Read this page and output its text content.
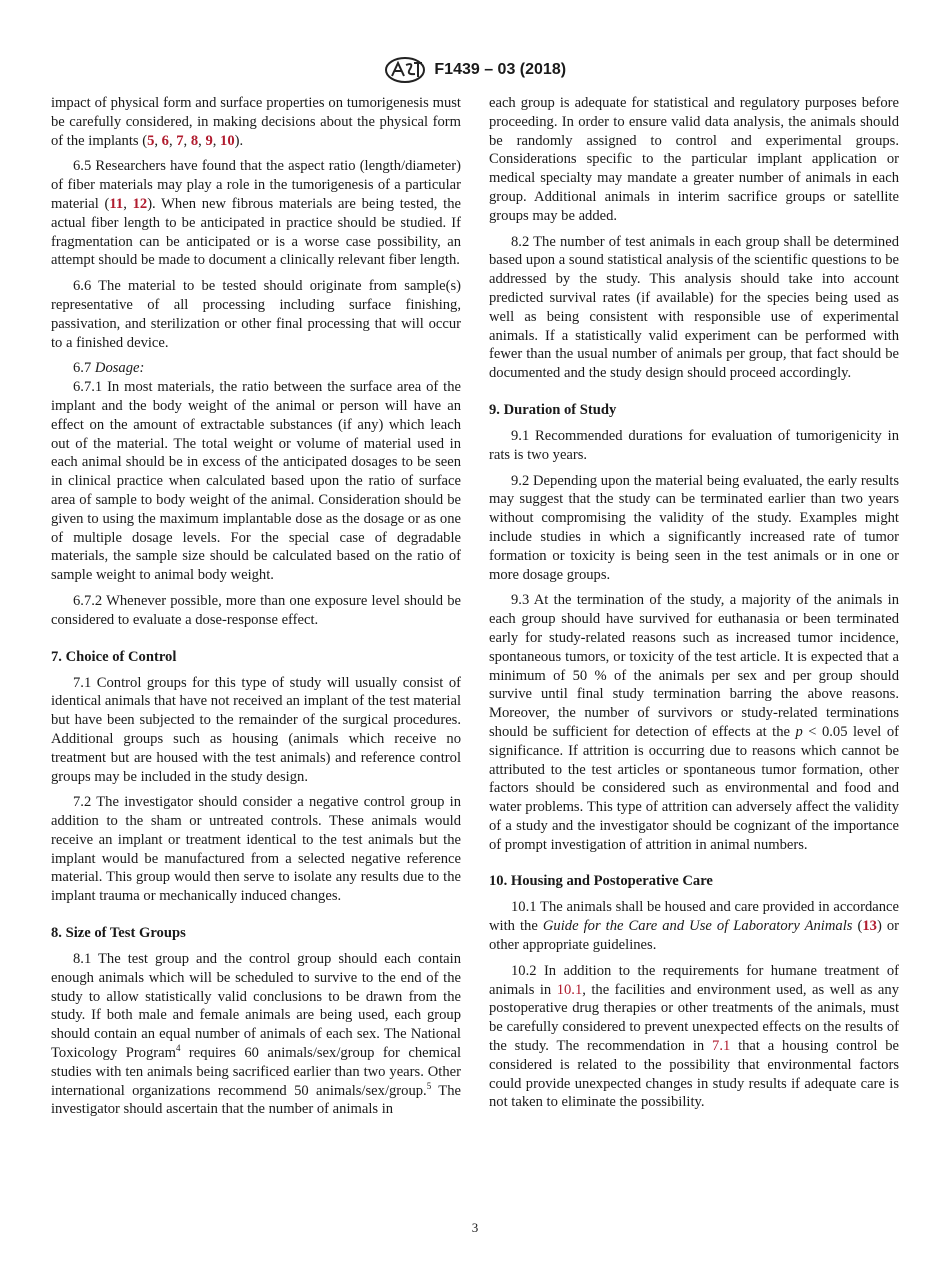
F1439 – 03 (2018)

impact of physical form and surface properties on tumorigenesis must be carefully considered, in making decisions about the physical form of the implants (5, 6, 7, 8, 9, 10).

6.5 Researchers have found that the aspect ratio (length/diameter) of fiber materials may play a role in the tumorigenesis of a particular material (11, 12). When new fibrous materials are being tested, the actual fiber length to be anticipated in practice should be studied. If fragmentation can be anticipated or is a worse case possibility, an attempt should be made to document a clinically relevant fiber length.

6.6 The material to be tested should originate from sample(s) representative of all processing including surface finishing, passivation, and sterilization or other final processing that will occur to a finished device.

6.7 Dosage:

6.7.1 In most materials, the ratio between the surface area of the implant and the body weight of the animal or person will have an effect on the amount of extractable substances (if any) which leach out of the material. The total weight or volume of material used in each animal should be in excess of the anticipated dosages to be seen in clinical practice when calculated based upon the ratio of surface area of sample to body weight of the animal. Consideration should be given to using the maximum implantable dose as the dosage or as one of multiple dosage levels. For the special case of degradable materials, the sample size should be calculated based on the ratio of sample weight to animal body weight.

6.7.2 Whenever possible, more than one exposure level should be considered to evaluate a dose-response effect.

7. Choice of Control

7.1 Control groups for this type of study will usually consist of identical animals that have not received an implant of the test material but have been subjected to the remainder of the surgical procedures. Additional groups such as housing (animals which receive no treatment but are housed with the test animals) and reference control groups may be included in the study design.

7.2 The investigator should consider a negative control group in addition to the sham or untreated controls. These animals would receive an implant or treatment identical to the test animals but the implant would be manufactured from a selected negative reference material. This group would then serve to isolate any results due to the implant trauma or mechanically induced changes.

8. Size of Test Groups

8.1 The test group and the control group should each contain enough animals which will be scheduled to survive to the end of the study to allow statistically valid conclusions to be drawn from the study. If both male and female animals are being used, each group should contain an equal number of animals of each sex. The National Toxicology Program$^4$ requires 60 animals/sex/group for chemical studies with ten animals being sacrificed earlier than two years. Other international organizations recommend 50 animals/sex/group.$^5$ The investigator should ascertain that the number of animals in

each group is adequate for statistical and regulatory purposes before proceeding. In order to ensure valid data analysis, the animals should be randomly assigned to control and experimental groups. Considerations specific to the particular implant application or medical specialty may mandate a greater number of animals in each group. Additional animals in interim sacrifice groups or satellite groups may be added.

8.2 The number of test animals in each group shall be determined based upon a sound statistical analysis of the scientific questions to be addressed by the study. This analysis should take into account predicted survival rates (if available) for the species being used as well as being consistent with responsible use of experimental animals. If a statistically valid experiment can be performed with fewer than the usual number of animals per group, that fact should be documented and the study design should proceed accordingly.

9. Duration of Study

9.1 Recommended durations for evaluation of tumorigenicity in rats is two years.

9.2 Depending upon the material being evaluated, the early results may suggest that the study can be terminated earlier than two years without compromising the validity of the study. Examples might include studies in which a significantly increased rate of tumor formation or toxicity is being seen in the test animals or in one or more dosage groups.

9.3 At the termination of the study, a majority of the animals in each group should have survived for euthanasia or been terminated early for study-related reasons such as increased tumor incidence, spontaneous tumors, or toxicity of the test article. It is expected that a minimum of 50 % of the animals per sex and per group should survive until final study termination barring the above reasons. Moreover, the number of survivors or study-related terminations should be sufficient for detection of effects at the p < 0.05 level of significance. If attrition is occurring due to reasons which cannot be attributed to the test articles or spontaneous tumor formation, other factors should be considered such as environmental and food and water problems. This type of attrition can adversely affect the validity of a study and the investigator should be cognizant of the importance of prompt investigation of attrition in animal numbers.

10. Housing and Postoperative Care

10.1 The animals shall be housed and care provided in accordance with the Guide for the Care and Use of Laboratory Animals (13) or other appropriate guidelines.

10.2 In addition to the requirements for humane treatment of animals in 10.1, the facilities and environment used, as well as any postoperative drug therapies or other treatments of the animals, must be carefully considered to prevent unexpected effects on the results of the study. The recommendation in 7.1 that a housing control be considered is related to the possibility that environmental factors could provide unexpected changes in study results if adequate care is not taken to eliminate the possibility.

3
